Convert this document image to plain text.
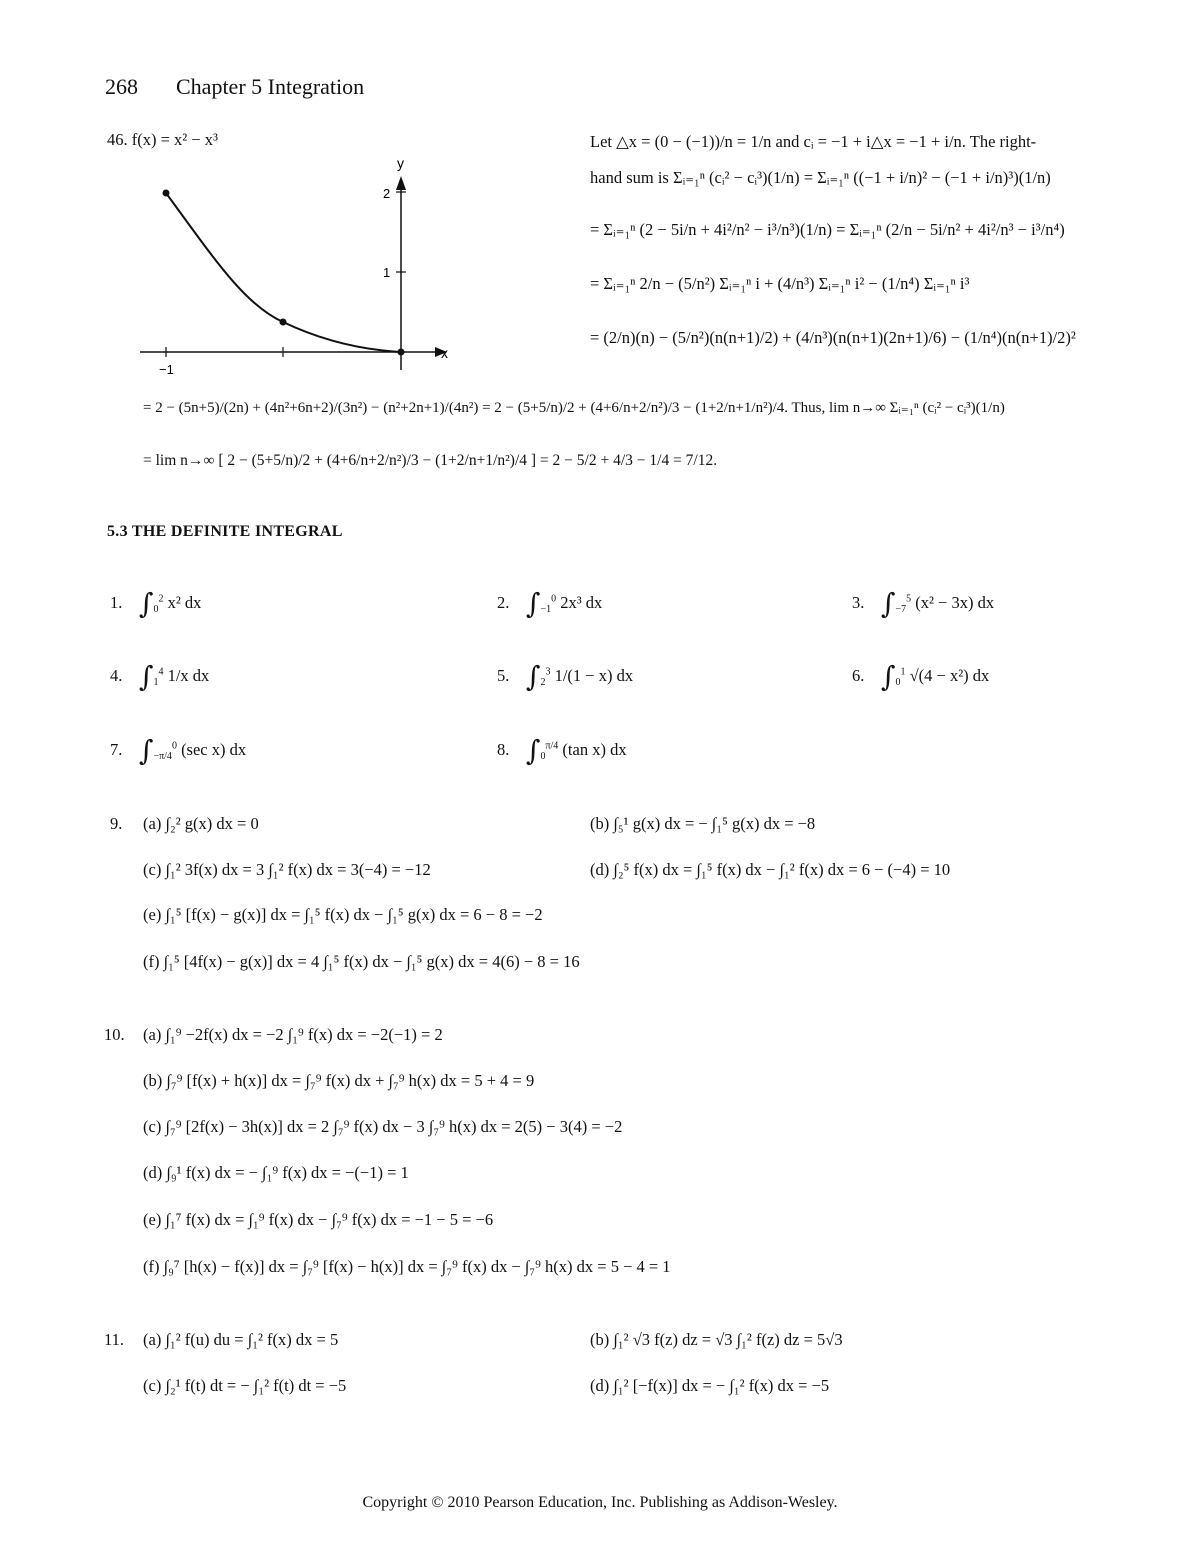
268 Chapter 5 Integration
46. f(x) = x² − x³
y
x
2
1
−1
Let △x = (0 − (−1))/n = 1/n and cᵢ = −1 + i△x = −1 + i/n. The right-
hand sum is Σᵢ₌₁ⁿ (cᵢ² − cᵢ³)(1/n) = Σᵢ₌₁ⁿ ((−1 + i/n)² − (−1 + i/n)³)(1/n)
= Σᵢ₌₁ⁿ (2 − 5i/n + 4i²/n² − i³/n³)(1/n) = Σᵢ₌₁ⁿ (2/n − 5i/n² + 4i²/n³ − i³/n⁴)
= Σᵢ₌₁ⁿ 2/n − (5/n²) Σᵢ₌₁ⁿ i + (4/n³) Σᵢ₌₁ⁿ i² − (1/n⁴) Σᵢ₌₁ⁿ i³
= (2/n)(n) − (5/n²)(n(n+1)/2) + (4/n³)(n(n+1)(2n+1)/6) − (1/n⁴)(n(n+1)/2)²
= 2 − (5n+5)/(2n) + (4n²+6n+2)/(3n²) − (n²+2n+1)/(4n²) = 2 − (5+5/n)/2 + (4+6/n+2/n²)/3 − (1+2/n+1/n²)/4. Thus, lim n→∞ Σᵢ₌₁ⁿ (cᵢ² − cᵢ³)(1/n)
= lim n→∞ [ 2 − (5+5/n)/2 + (4+6/n+2/n²)/3 − (1+2/n+1/n²)/4 ] = 2 − 5/2 + 4/3 − 1/4 = 7/12.
5.3 THE DEFINITE INTEGRAL
1. $\int_0^2$ x² dx	2. $\int_{-1}^0$ 2x³ dx	3. $\int_{-7}^5$ (x² − 3x) dx
4. $\int_1^4$ 1/x dx	5. $\int_2^3$ 1/(1 − x) dx	6. $\int_0^1$ √(4 − x²) dx
7. $\int_{-\pi/4}^0$ (sec x) dx	8. $\int_0^{\pi/4}$ (tan x) dx
9. (a) ∫₂² g(x) dx = 0	(b) ∫₅¹ g(x) dx = − ∫₁⁵ g(x) dx = −8
(c) ∫₁² 3f(x) dx = 3 ∫₁² f(x) dx = 3(−4) = −12	(d) ∫₂⁵ f(x) dx = ∫₁⁵ f(x) dx − ∫₁² f(x) dx = 6 − (−4) = 10
(e) ∫₁⁵ [f(x) − g(x)] dx = ∫₁⁵ f(x) dx − ∫₁⁵ g(x) dx = 6 − 8 = −2
(f) ∫₁⁵ [4f(x) − g(x)] dx = 4 ∫₁⁵ f(x) dx − ∫₁⁵ g(x) dx = 4(6) − 8 = 16
10. (a) ∫₁⁹ −2f(x) dx = −2 ∫₁⁹ f(x) dx = −2(−1) = 2
(b) ∫₇⁹ [f(x) + h(x)] dx = ∫₇⁹ f(x) dx + ∫₇⁹ h(x) dx = 5 + 4 = 9
(c) ∫₇⁹ [2f(x) − 3h(x)] dx = 2 ∫₇⁹ f(x) dx − 3 ∫₇⁹ h(x) dx = 2(5) − 3(4) = −2
(d) ∫₉¹ f(x) dx = − ∫₁⁹ f(x) dx = −(−1) = 1
(e) ∫₁⁷ f(x) dx = ∫₁⁹ f(x) dx − ∫₇⁹ f(x) dx = −1 − 5 = −6
(f) ∫₉⁷ [h(x) − f(x)] dx = ∫₇⁹ [f(x) − h(x)] dx = ∫₇⁹ f(x) dx − ∫₇⁹ h(x) dx = 5 − 4 = 1
11. (a) ∫₁² f(u) du = ∫₁² f(x) dx = 5	(b) ∫₁² √3 f(z) dz = √3 ∫₁² f(z) dz = 5√3
(c) ∫₂¹ f(t) dt = − ∫₁² f(t) dt = −5	(d) ∫₁² [−f(x)] dx = − ∫₁² f(x) dx = −5
Copyright © 2010 Pearson Education, Inc. Publishing as Addison-Wesley.
